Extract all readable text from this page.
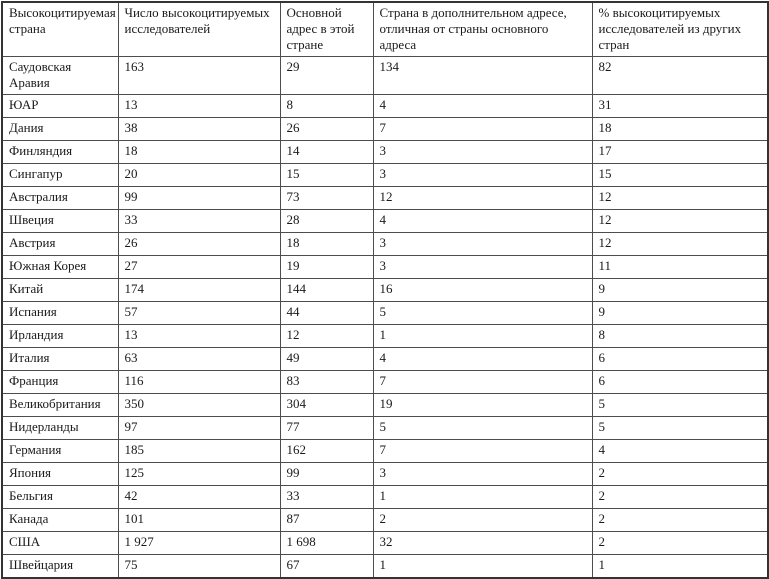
Высокоцитируемая страна	Число высокоцитируемых исследователей	Основной адрес в этой стране	Страна в дополнительном адресе, отличная от страны основного адреса	% высокоцитируемых исследователей из других стран
Саудовская Аравия	163	29	134	82
ЮАР	13	8	4	31
Дания	38	26	7	18
Финляндия	18	14	3	17
Сингапур	20	15	3	15
Австралия	99	73	12	12
Швеция	33	28	4	12
Австрия	26	18	3	12
Южная Корея	27	19	3	11
Китай	174	144	16	9
Испания	57	44	5	9
Ирландия	13	12	1	8
Италия	63	49	4	6
Франция	116	83	7	6
Великобритания	350	304	19	5
Нидерланды	97	77	5	5
Германия	185	162	7	4
Япония	125	99	3	2
Бельгия	42	33	1	2
Канада	101	87	2	2
США	1 927	1 698	32	2
Швейцария	75	67	1	1
